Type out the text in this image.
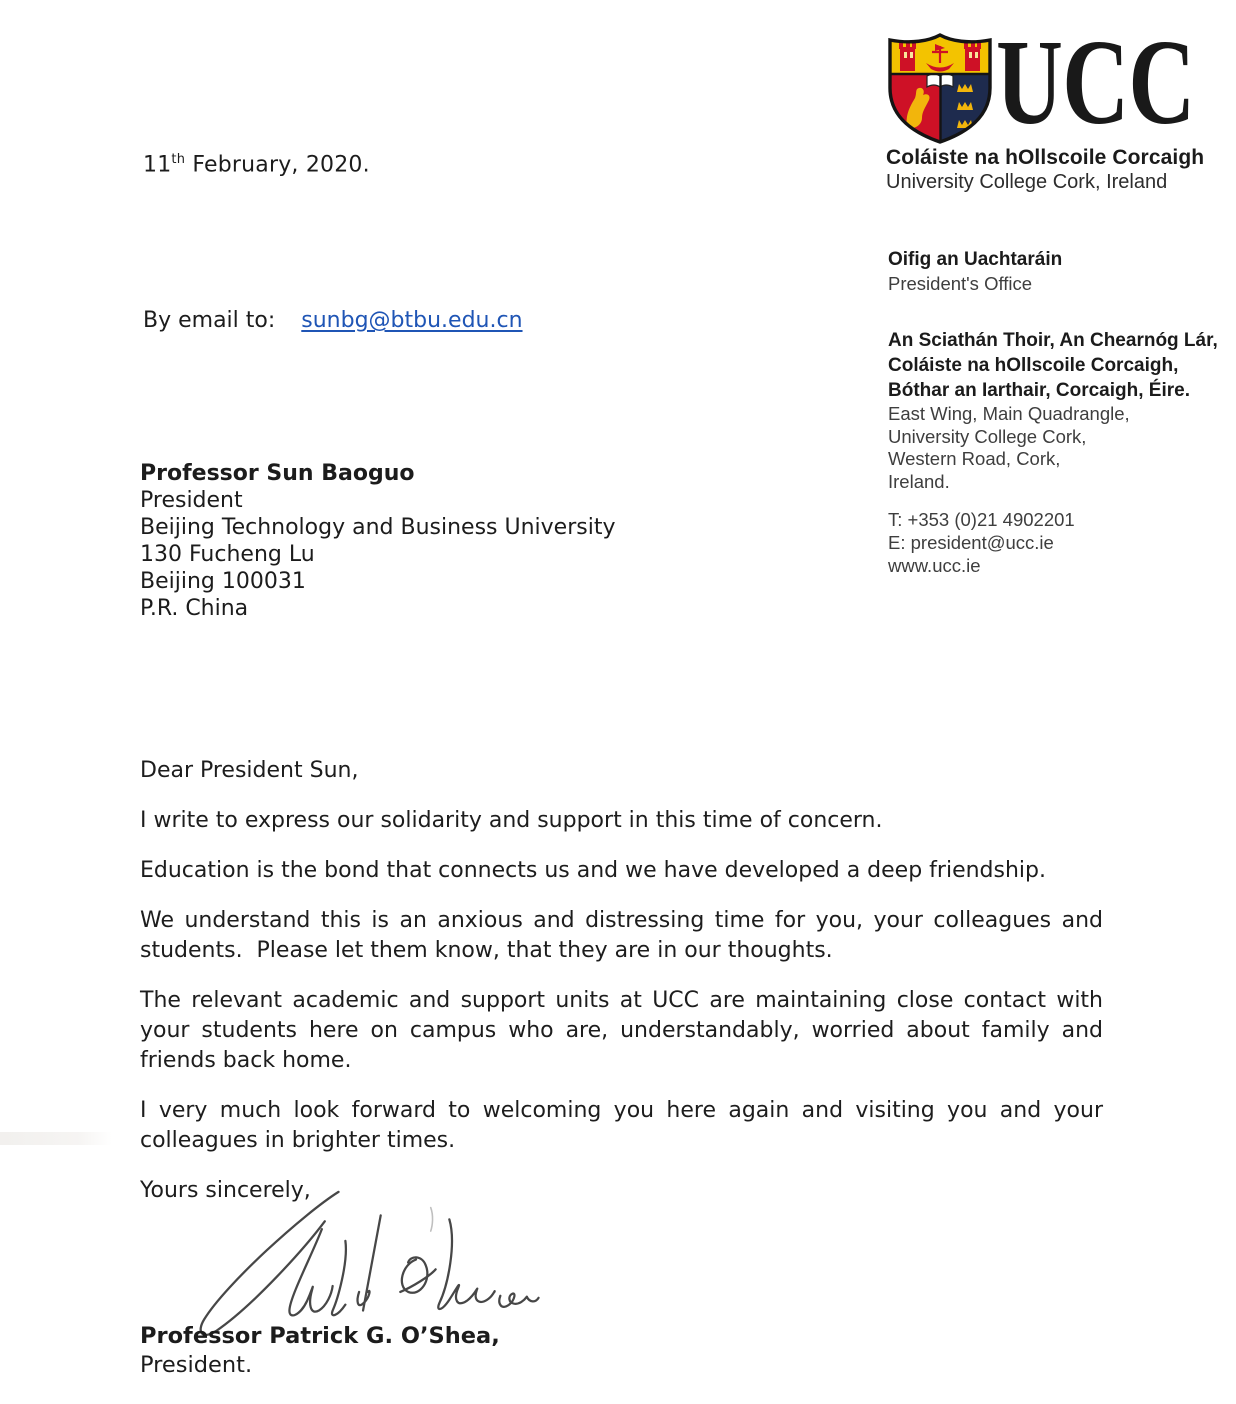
UCC
Coláiste na hOllscoile Corcaigh
University College Cork, Ireland
Oifig an Uachtaráin
President's Office
An Sciathán Thoir, An Chearnóg Lár,
Coláiste na hOllscoile Corcaigh,
Bóthar an Iarthair, Corcaigh, Éire.
East Wing, Main Quadrangle,
University College Cork,
Western Road, Cork,
Ireland.
T: +353 (0)21 4902201
E: president@ucc.ie
www.ucc.ie
11th February, 2020.
By email to: sunbg@btbu.edu.cn
Professor Sun Baoguo
President
Beijing Technology and Business University
130 Fucheng Lu
Beijing 100031
P.R. China

Dear President Sun,

I write to express our solidarity and support in this time of concern.

Education is the bond that connects us and we have developed a deep friendship.

We understand this is an anxious and distressing time for you, your colleagues and students.  Please let them know, that they are in our thoughts.

The relevant academic and support units at UCC are maintaining close contact with your students here on campus who are, understandably, worried about family and friends back home.

I very much look forward to welcoming you here again and visiting you and your colleagues in brighter times.

Yours sincerely,

Professor Patrick G. O’Shea,
President.
